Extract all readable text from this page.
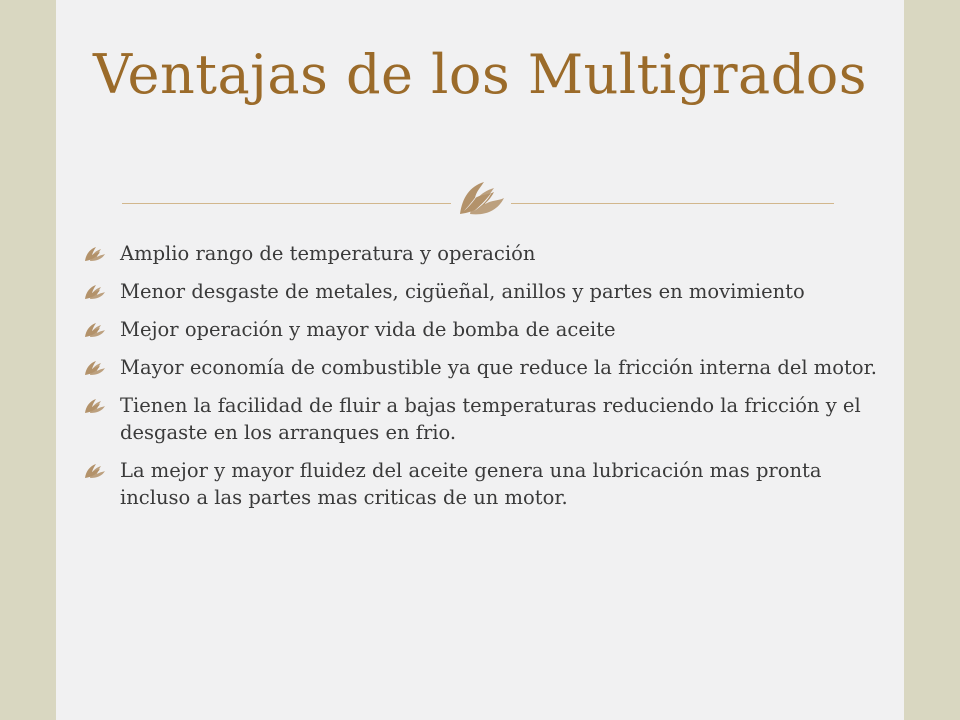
Ventajas de los Multigrados
Amplio rango de temperatura y operación
Menor desgaste de metales, cigüeñal, anillos y partes en movimiento
Mejor operación y mayor vida de bomba de aceite
Mayor economía de combustible ya que reduce la fricción interna del motor.
Tienen la facilidad de fluir a bajas temperaturas reduciendo la fricción y el desgaste en los arranques en frio.
La mejor y mayor fluidez del aceite genera una lubricación mas pronta incluso a las partes mas criticas de un motor.
